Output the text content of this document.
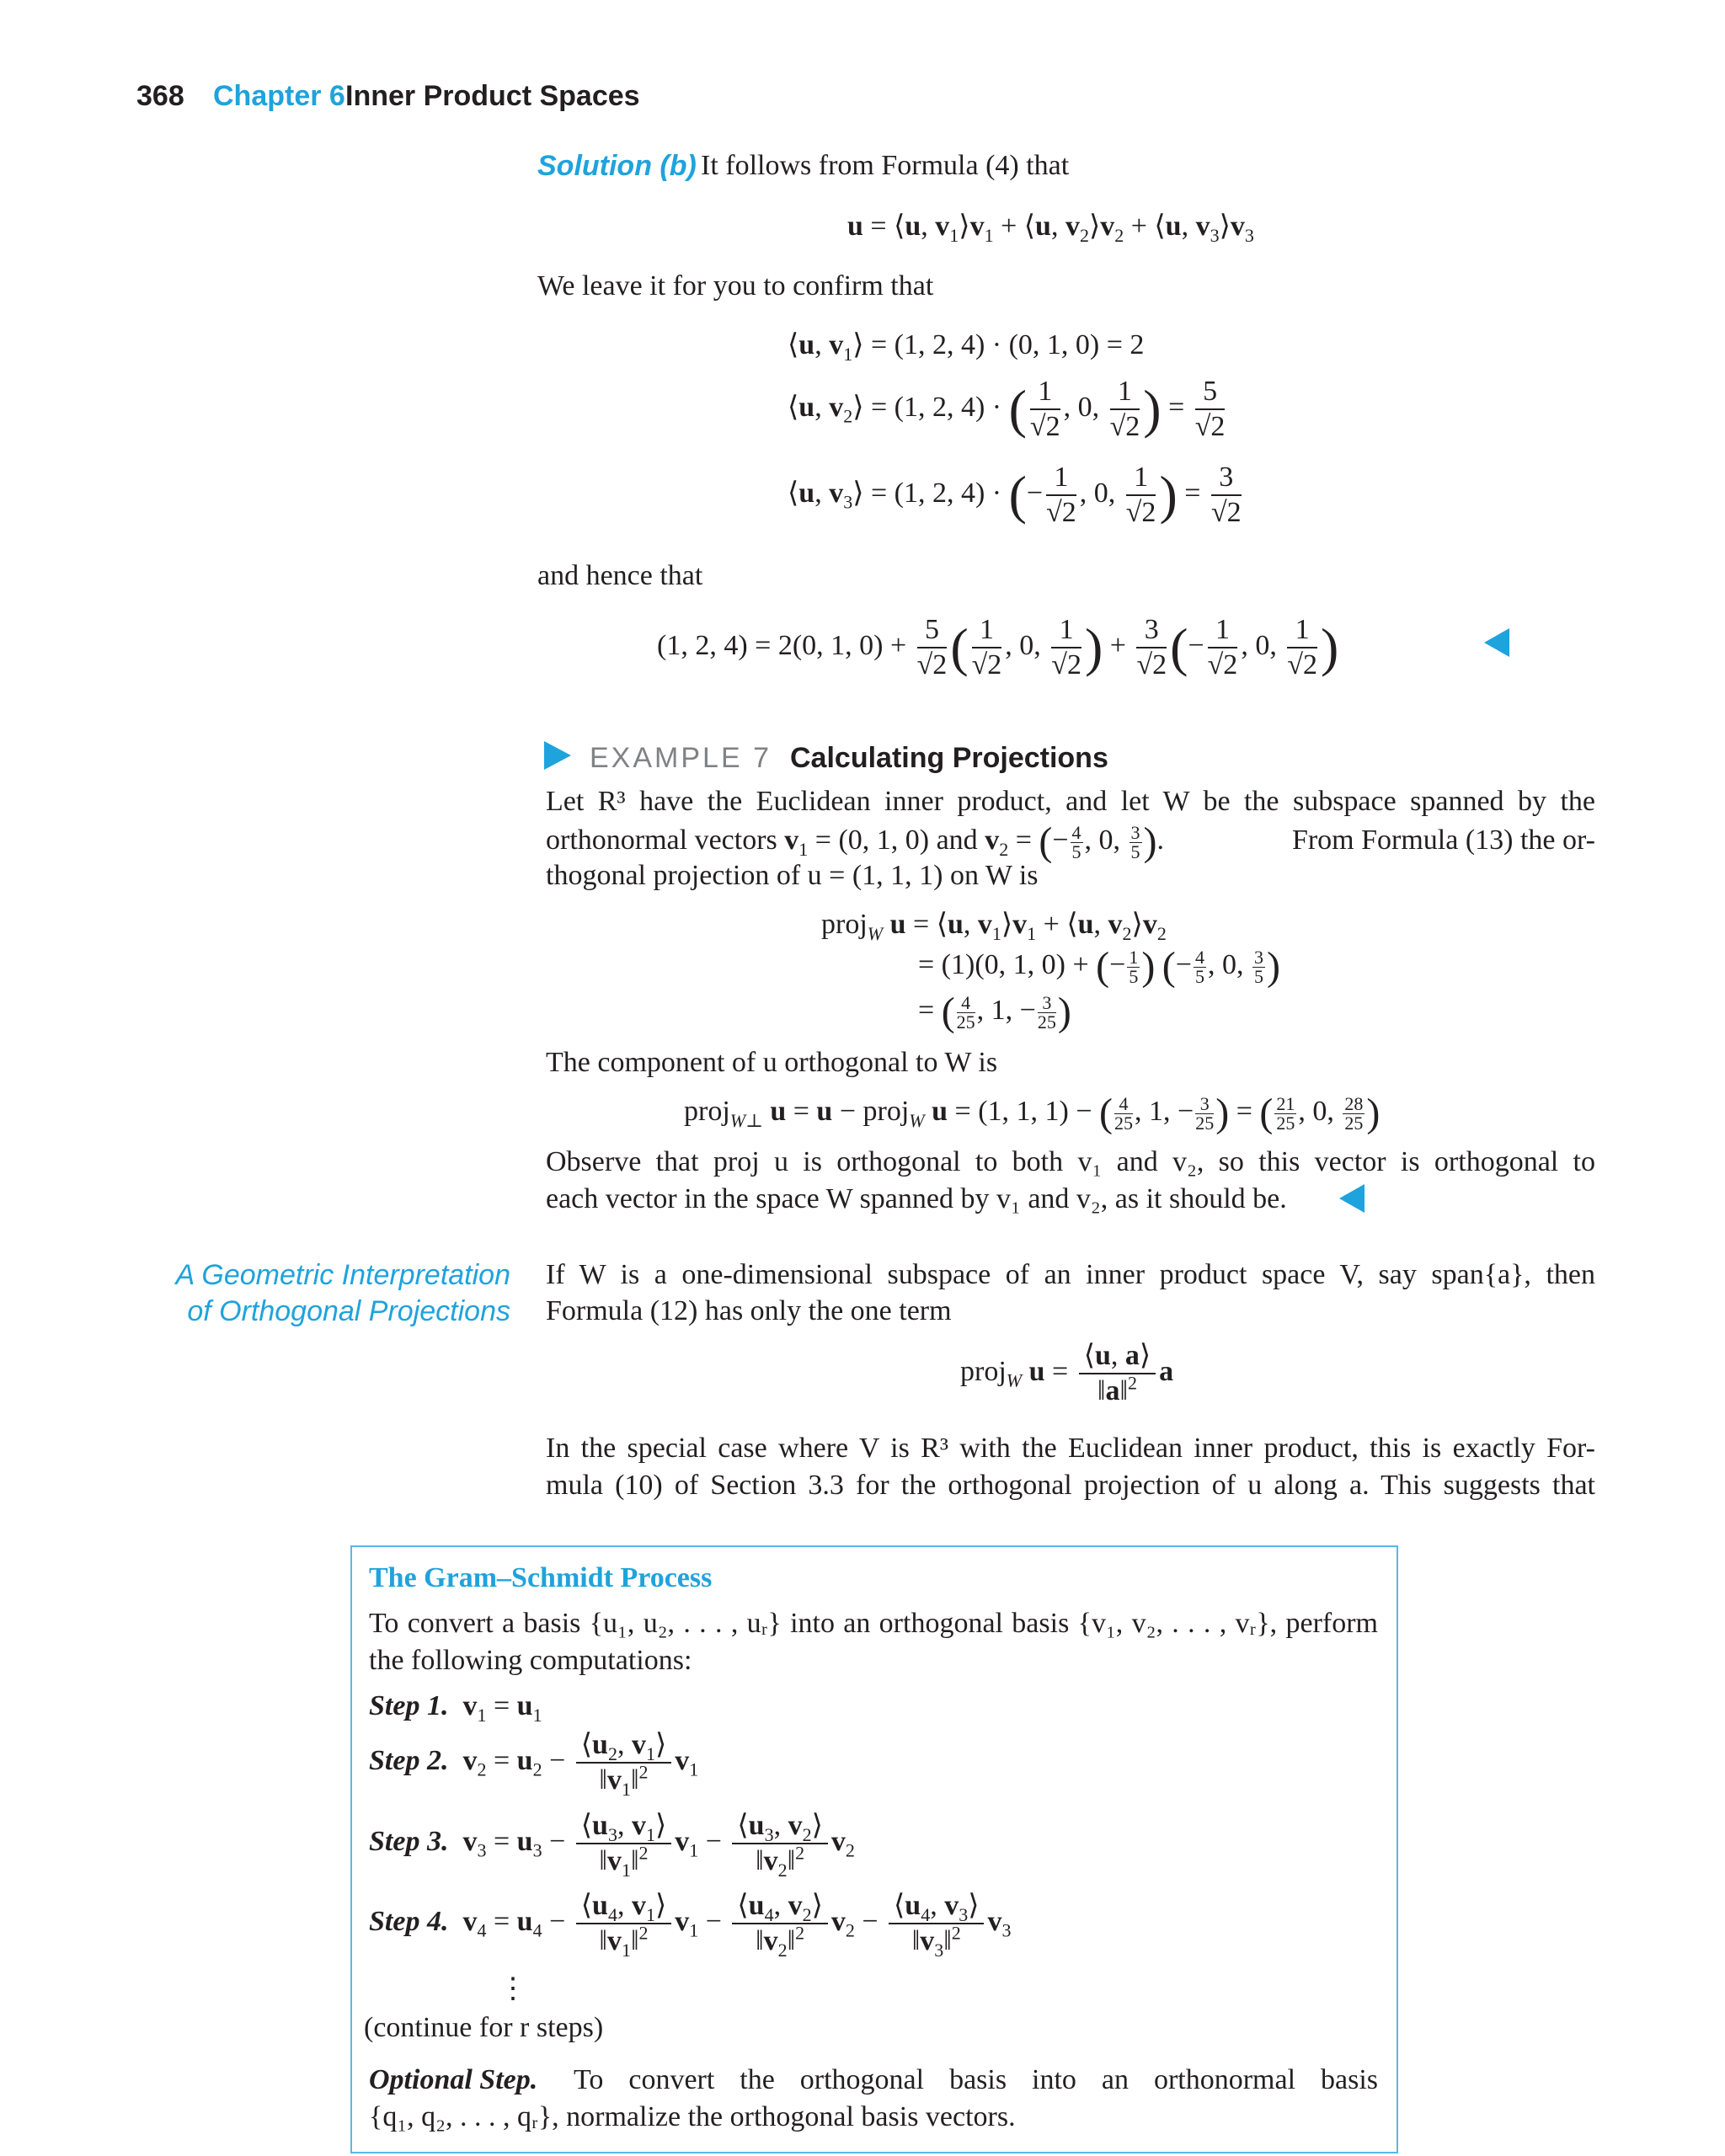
368 Chapter 6 Inner Product Spaces
Solution (b) It follows from Formula (4) that
u = ⟨u, $v_1⟩v_1$ + ⟨u, $v_2⟩v_2$ + ⟨u, $v_3⟩v_3$
We leave it for you to confirm that
⟨u, $v_1⟩ = (1$, 2, 4) · (0, 1, 0) = 2
⟨u, $v_2⟩ = (1$, 2, 4) · ( $\frac{1}{√2}$ , 0, $\frac{1}{√2}$ ) = $\frac{5}{√2}$
⟨u, $v_3⟩ = (1$, 2, 4) · (− $\frac{1}{√2}$ , 0, $\frac{1}{√2}$ ) = $\frac{3}{√2}$
and hence that
(1, 2, 4) = 2(0, 1, $0) + \frac{5}{√2}$ ( $\frac{1}{√2}$ , 0, $\frac{1}{√2}$ ) + $\frac{3}{√2}$ (− $\frac{1}{√2}$ , 0, $\frac{1}{√2}$ )
EXAMPLE 7 Calculating Projections
Let R³ have the Euclidean inner product, and let W be the subspace spanned by the
orthonormal vectors $v_1 = (0$, 1, 0) and $v_2$ = (− $\frac{4}{5}$ , 0, $\frac{3}{5}$ ).	From Formula (13) the or-
thogonal projection of u = (1, 1, 1) on W is
proj$_W$ u = ⟨u, $v_1⟩v_1$ + ⟨u, $v_2⟩v_2$
= (1)(0, 1, 0) + (− $\frac{1}{5}$ ) (− $\frac{4}{5}$ , 0, $\frac{3}{5}$ )
= ( $\frac{4}{25}$ , 1, − $\frac{3}{25}$ )
The component of u orthogonal to W is
proj$_{W\perp}$ u = u − proj$_W$ u = (1, 1, 1) − ( $\frac{4}{25}$ , 1, − $\frac{3}{25}$ ) = ( $\frac{21}{25}$ , 0, $\frac{28}{25}$ )
Observe that proj u is orthogonal to both v₁ and v₂, so this vector is orthogonal to
each vector in the space W spanned by v₁ and v₂, as it should be.
A Geometric Interpretation
of Orthogonal Projections
If W is a one-dimensional subspace of an inner product space V, say span{a}, then
Formula (12) has only the one term
proj$_W$ $u = \frac{⟨u, a⟩}{‖a‖^2}$ a
In the special case where V is R³ with the Euclidean inner product, this is exactly For-
mula (10) of Section 3.3 for the orthogonal projection of u along a. This suggests that
The Gram–Schmidt Process
To convert a basis {u₁, u₂, . . . , uᵣ} into an orthogonal basis {v₁, v₂, . . . , vᵣ}, perform
the following computations:
Step 1. $v_1 = u_1$
Step 2. $v_2 = u_2 - \frac{⟨u_2, v_1⟩}{‖v_1‖^2} v_1$
Step 3. $v_3 = u_3 - \frac{⟨u_3, v_1⟩}{‖v_1‖^2} v_1 - \frac{⟨u_3, v_2⟩}{‖v_2‖^2} v_2$
Step 4. $v_4 = u_4 - \frac{⟨u_4, v_1⟩}{‖v_1‖^2} v_1 - \frac{⟨u_4, v_2⟩}{‖v_2‖^2} v_2 - \frac{⟨u_4, v_3⟩}{‖v_3‖^2} v_3$
⋮
(continue for r steps)
Optional Step. To convert the orthogonal basis into an orthonormal basis
{q₁, q₂, . . . , qᵣ}, normalize the orthogonal basis vectors.
